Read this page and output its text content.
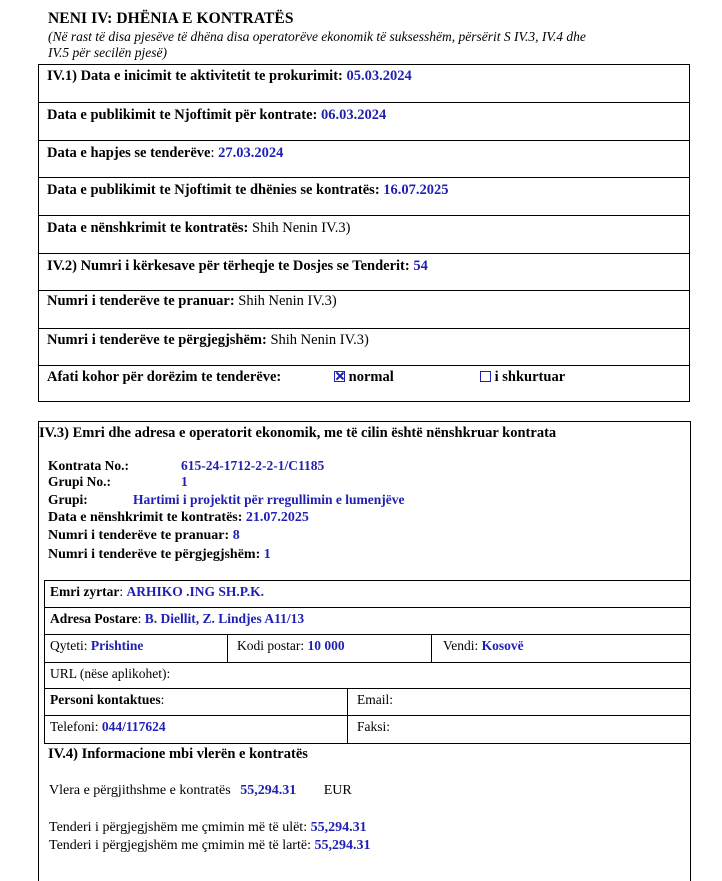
NENI IV: DHËNIA E KONTRATËS
(Në rast të disa pjesëve të dhëna disa operatorëve ekonomik të suksesshëm, përsërit S IV.3, IV.4 dhe
IV.5 për secilën pjesë)
IV.1) Data e inicimit te aktivitetit te prokurimit: 05.03.2024
Data e publikimit te Njoftimit për kontrate: 06.03.2024
Data e hapjes se tenderëve: 27.03.2024
Data e publikimit te Njoftimit te dhënies se kontratës: 16.07.2025
Data e nënshkrimit te kontratës: Shih Nenin IV.3)
IV.2) Numri i kërkesave për tërheqje te Dosjes se Tenderit: 54
Numri i tenderëve te pranuar: Shih Nenin IV.3)
Numri i tenderëve te përgjegjshëm: Shih Nenin IV.3)
Afati kohor për dorëzim te tenderëve:	normal	i shkurtuar
IV.3) Emri dhe adresa e operatorit ekonomik, me të cilin është nënshkruar kontrata
Kontrata No.:	615-24-1712-2-2-1/C1185
Grupi No.:	1
Grupi:	Hartimi i projektit për rregullimin e lumenjëve
Data e nënshkrimit te kontratës: 21.07.2025
Numri i tenderëve te pranuar: 8
Numri i tenderëve te përgjegjshëm: 1
Emri zyrtar: ARHIKO .ING SH.P.K.
Adresa Postare: B. Diellit, Z. Lindjes A11/13
Qyteti: Prishtine	Kodi postar: 10 000	Vendi: Kosovë
URL (nëse aplikohet):
Personi kontaktues:	Email:
Telefoni: 044/117624	Faksi:
IV.4) Informacione mbi vlerën e kontratës
Vlera e përgjithshme e kontratës 55,294.31 EUR
Tenderi i përgjegjshëm me çmimin më të ulët: 55,294.31
Tenderi i përgjegjshëm me çmimin më të lartë: 55,294.31
